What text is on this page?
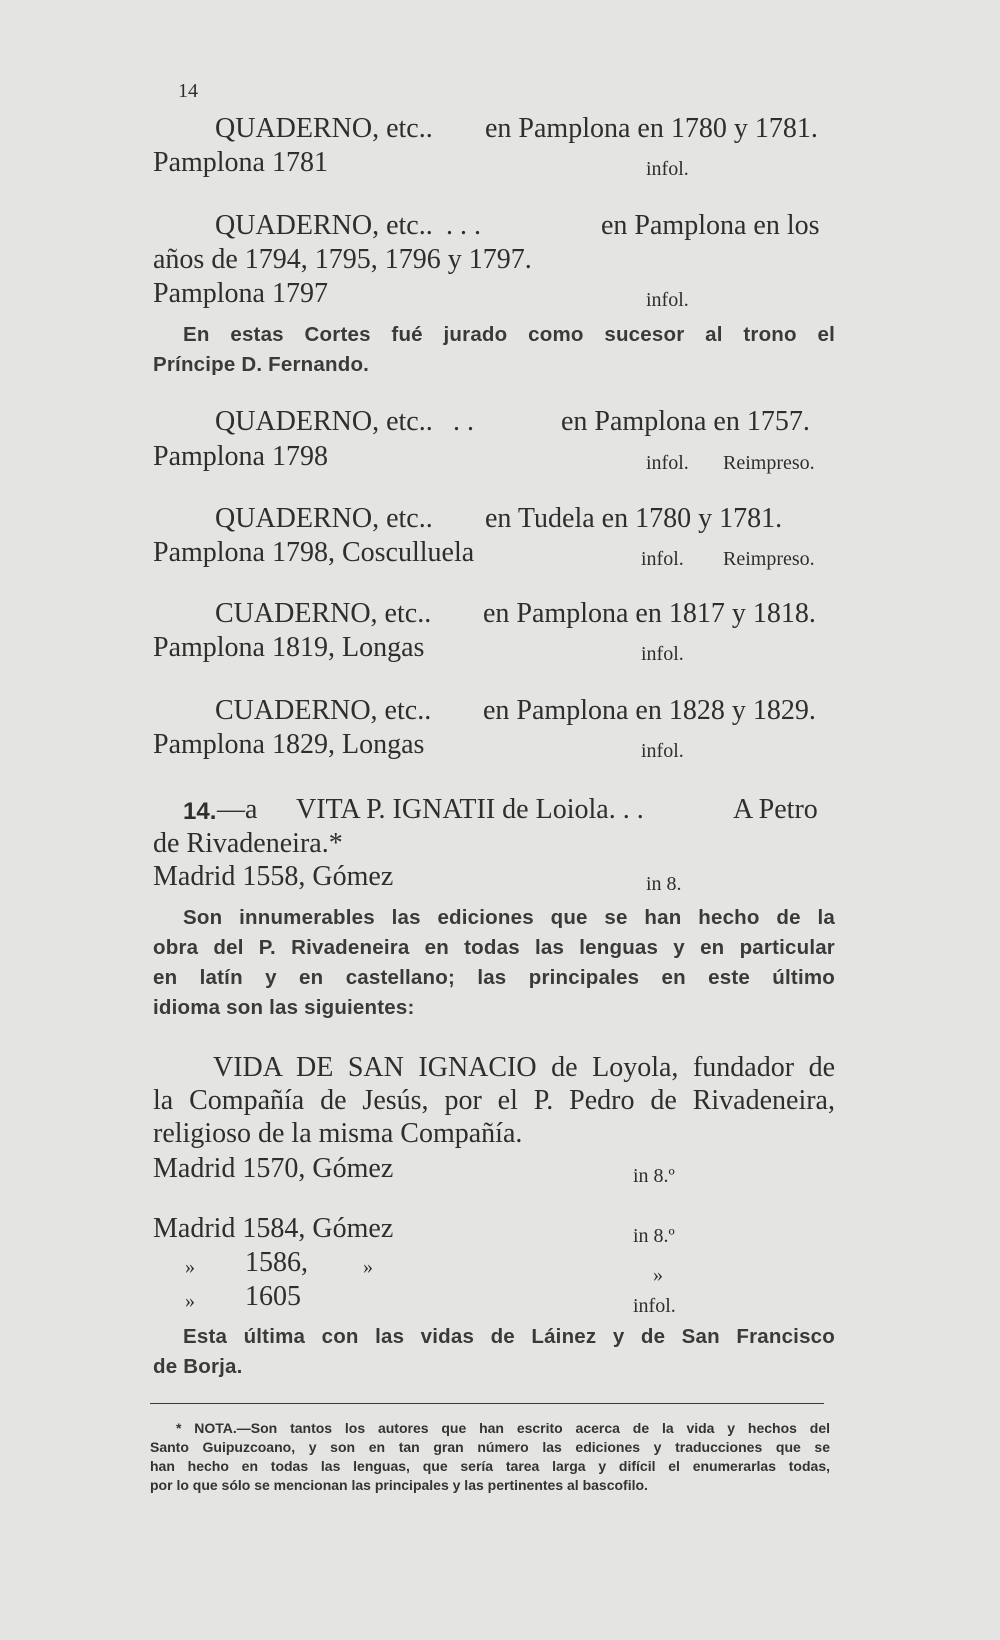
14
QUADERNO, etc.. en Pamplona en 1780 y 1781.
Pamplona 1781	infol.
QUADERNO, etc.. . . .	en Pamplona en los
años de 1794, 1795, 1796 y 1797.
Pamplona 1797	infol.
En estas Cortes fué jurado como sucesor al trono el
Príncipe D. Fernando.
QUADERNO, etc.. . .	en Pamplona en 1757.
Pamplona 1798	infol. Reimpreso.
QUADERNO, etc.. en Tudela en 1780 y 1781.
Pamplona 1798, Cosculluela	infol. Reimpreso.
CUADERNO, etc.. en Pamplona en 1817 y 1818.
Pamplona 1819, Longas	infol.
CUADERNO, etc.. en Pamplona en 1828 y 1829.
Pamplona 1829, Longas	infol.
14. —a VITA P. IGNATII de Loiola. . .	A Petro
de Rivadeneira.*
Madrid 1558, Gómez	in 8.
Son innumerables las ediciones que se han hecho de la
obra del P. Rivadeneira en todas las lenguas y en particular
en latín y en castellano; las principales en este último
idioma son las siguientes:
VIDA DE SAN IGNACIO de Loyola, fundador de
la Compañía de Jesús, por el P. Pedro de Rivadeneira,
religioso de la misma Compañía.
Madrid 1570, Gómez	in 8.º
Madrid 1584, Gómez	in 8.º
» 1586,	»	»
» 1605	infol.
Esta última con las vidas de Láinez y de San Francisco
de Borja.
* NOTA.—Son tantos los autores que han escrito acerca de la vida y hechos del
Santo Guipuzcoano, y son en tan gran número las ediciones y traducciones que se
han hecho en todas las lenguas, que sería tarea larga y difícil el enumerarlas todas,
por lo que sólo se mencionan las principales y las pertinentes al bascofilo.
